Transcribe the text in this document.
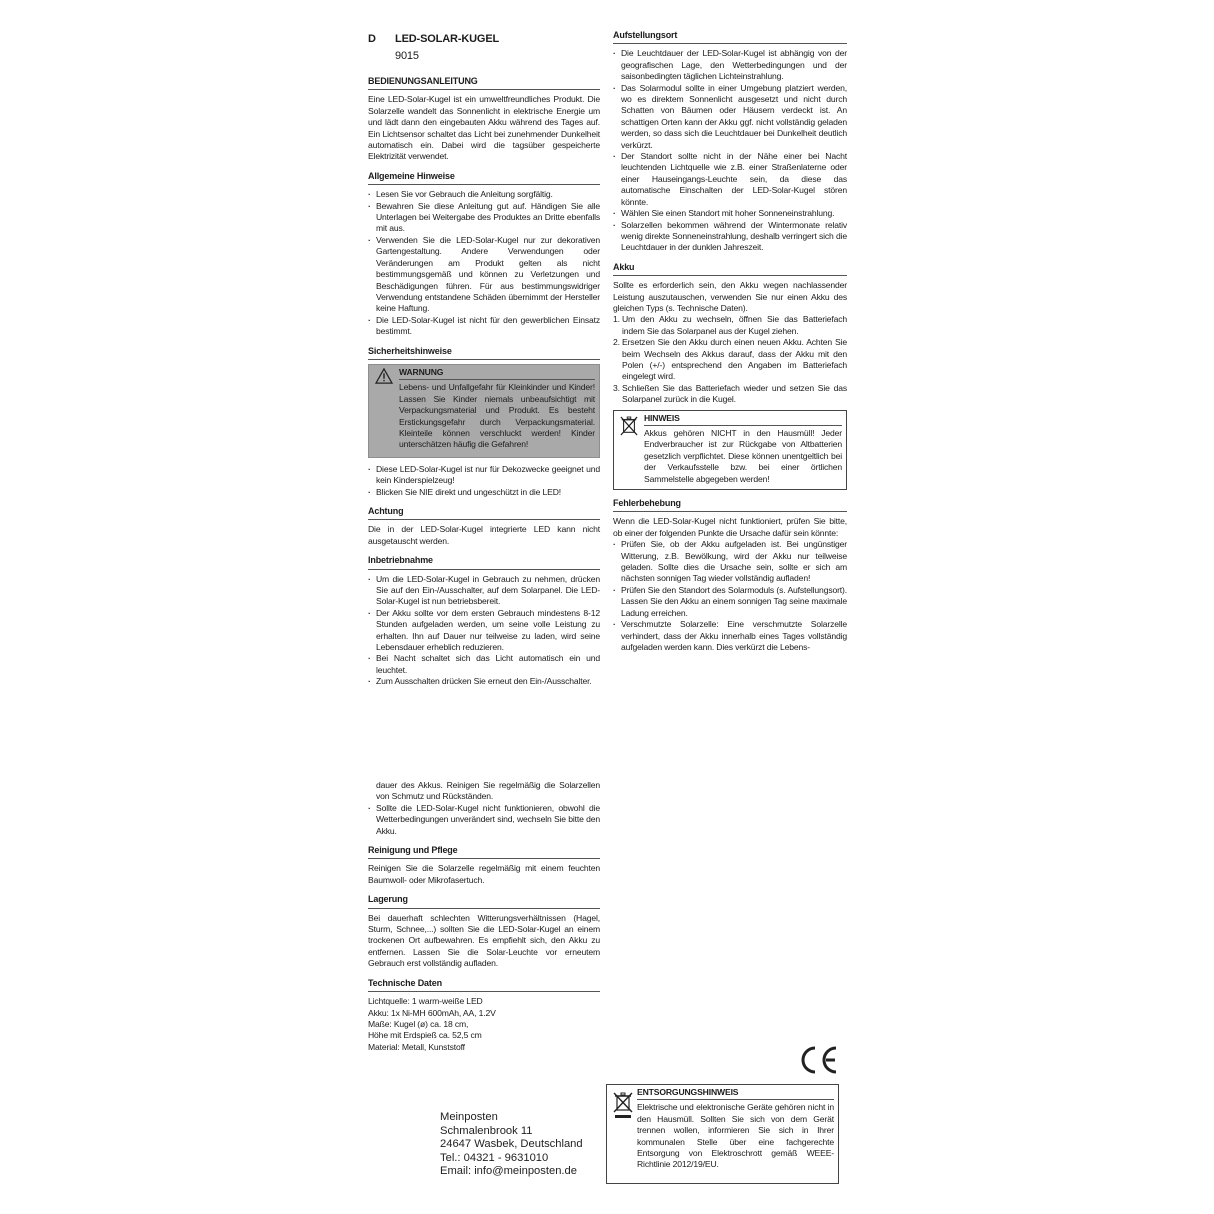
D LED-SOLAR-KUGEL
9015
BEDIENUNGSANLEITUNG

Eine LED-Solar-Kugel ist ein umweltfreundliches Produkt. Die Solarzelle wandelt das Sonnenlicht in elektrische Energie um und lädt dann den eingebauten Akku während des Tages auf. Ein Lichtsensor schaltet das Licht bei zunehmender Dunkelheit automatisch ein. Dabei wird die tagsüber gespeicherte Elektrizität verwendet.

Allgemeine Hinweise
· Lesen Sie vor Gebrauch die Anleitung sorgfältig.
· Bewahren Sie diese Anleitung gut auf. Händigen Sie alle Unterlagen bei Weitergabe des Produktes an Dritte ebenfalls mit aus.
· Verwenden Sie die LED-Solar-Kugel nur zur dekorativen Gartengestaltung. Andere Verwendungen oder Veränderungen am Produkt gelten als nicht bestimmungsgemäß und können zu Verletzungen und Beschädigungen führen. Für aus bestimmungswidriger Verwendung entstandene Schäden übernimmt der Hersteller keine Haftung.
· Die LED-Solar-Kugel ist nicht für den gewerblichen Einsatz bestimmt.
Sicherheitshinweise
WARNUNG

Lebens- und Unfallgefahr für Kleinkinder und Kinder! Lassen Sie Kinder niemals unbeaufsichtigt mit Verpackungsmaterial und Produkt. Es besteht Erstickungsgefahr durch Verpackungsmaterial. Kleinteile können verschluckt werden! Kinder unterschätzen häufig die Gefahren!

· Diese LED-Solar-Kugel ist nur für Dekozwecke geeignet und kein Kinderspielzeug!
· Blicken Sie NIE direkt und ungeschützt in die LED!
Achtung

Die in der LED-Solar-Kugel integrierte LED kann nicht ausgetauscht werden.

Inbetriebnahme
· Um die LED-Solar-Kugel in Gebrauch zu nehmen, drücken Sie auf den Ein-/Ausschalter, auf dem Solarpanel. Die LED-Solar-Kugel ist nun betriebsbereit.
· Der Akku sollte vor dem ersten Gebrauch mindestens 8-12 Stunden aufgeladen werden, um seine volle Leistung zu erhalten. Ihn auf Dauer nur teilweise zu laden, wird seine Lebensdauer erheblich reduzieren.
· Bei Nacht schaltet sich das Licht automatisch ein und leuchtet.
· Zum Ausschalten drücken Sie erneut den Ein-/Ausschalter.
Aufstellungsort
· Die Leuchtdauer der LED-Solar-Kugel ist abhängig von der geografischen Lage, den Wetterbedingungen und der saisonbedingten täglichen Lichteinstrahlung.
· Das Solarmodul sollte in einer Umgebung platziert werden, wo es direktem Sonnenlicht ausgesetzt und nicht durch Schatten von Bäumen oder Häusern verdeckt ist. An schattigen Orten kann der Akku ggf. nicht vollständig geladen werden, so dass sich die Leuchtdauer bei Dunkelheit deutlich verkürzt.
· Der Standort sollte nicht in der Nähe einer bei Nacht leuchtenden Lichtquelle wie z.B. einer Straßenlaterne oder einer Hauseingangs-Leuchte sein, da diese das automatische Einschalten der LED-Solar-Kugel stören könnte.
· Wählen Sie einen Standort mit hoher Sonneneinstrahlung.
· Solarzellen bekommen während der Wintermonate relativ wenig direkte Sonneneinstrahlung, deshalb verringert sich die Leuchtdauer in der dunklen Jahreszeit.
Akku

Sollte es erforderlich sein, den Akku wegen nachlassender Leistung auszutauschen, verwenden Sie nur einen Akku des gleichen Typs (s. Technische Daten).

1. Um den Akku zu wechseln, öffnen Sie das Batteriefach indem Sie das Solarpanel aus der Kugel ziehen.
2. Ersetzen Sie den Akku durch einen neuen Akku. Achten Sie beim Wechseln des Akkus darauf, dass der Akku mit den Polen (+/-) entsprechend den Angaben im Batteriefach eingelegt wird.
3. Schließen Sie das Batteriefach wieder und setzen Sie das Solarpanel zurück in die Kugel.
HINWEIS

Akkus gehören NICHT in den Hausmüll! Jeder Endverbraucher ist zur Rückgabe von Altbatterien gesetzlich verpflichtet. Diese können unentgeltlich bei der Verkaufsstelle bzw. bei einer örtlichen Sammelstelle abgegeben werden!

Fehlerbehebung

Wenn die LED-Solar-Kugel nicht funktioniert, prüfen Sie bitte, ob einer der folgenden Punkte die Ursache dafür sein könnte:

· Prüfen Sie, ob der Akku aufgeladen ist. Bei ungünstiger Witterung, z.B. Bewölkung, wird der Akku nur teilweise geladen. Sollte dies die Ursache sein, sollte er sich am nächsten sonnigen Tag wieder vollständig aufladen!
· Prüfen Sie den Standort des Solarmoduls (s. Aufstellungsort). Lassen Sie den Akku an einem sonnigen Tag seine maximale Ladung erreichen.
· Verschmutzte Solarzelle: Eine verschmutzte Solarzelle verhindert, dass der Akku innerhalb eines Tages vollständig aufgeladen werden kann. Dies verkürzt die Lebens-

dauer des Akkus. Reinigen Sie regelmäßig die Solarzellen von Schmutz und Rückständen.

· Sollte die LED-Solar-Kugel nicht funktionieren, obwohl die Wetterbedingungen unverändert sind, wechseln Sie bitte den Akku.
Reinigung und Pflege

Reinigen Sie die Solarzelle regelmäßig mit einem feuchten Baumwoll- oder Mikrofasertuch.

Lagerung

Bei dauerhaft schlechten Witterungsverhältnissen (Hagel, Sturm, Schnee,...) sollten Sie die LED-Solar-Kugel an einem trockenen Ort aufbewahren. Es empfiehlt sich, den Akku zu entfernen. Lassen Sie die Solar-Leuchte vor erneutem Gebrauch erst vollständig aufladen.

Technische Daten
Lichtquelle: 1 warm-weiße LED
Akku: 1x Ni-MH 600mAh, AA, 1.2V
Maße: Kugel (ø) ca. 18 cm,
Höhe mit Erdspieß ca. 52,5 cm
Material: Metall, Kunststoff
ENTSORGUNGSHINWEIS

Elektrische und elektronische Geräte gehören nicht in den Hausmüll. Sollten Sie sich von dem Gerät trennen wollen, informieren Sie sich in Ihrer kommunalen Stelle über eine fachgerechte Entsorgung von Elektroschrott gemäß WEEE-Richtlinie 2012/19/EU.

Meinposten
Schmalenbrook 11
24647 Wasbek, Deutschland
Tel.: 04321 - 9631010
Email: info@meinposten.de
